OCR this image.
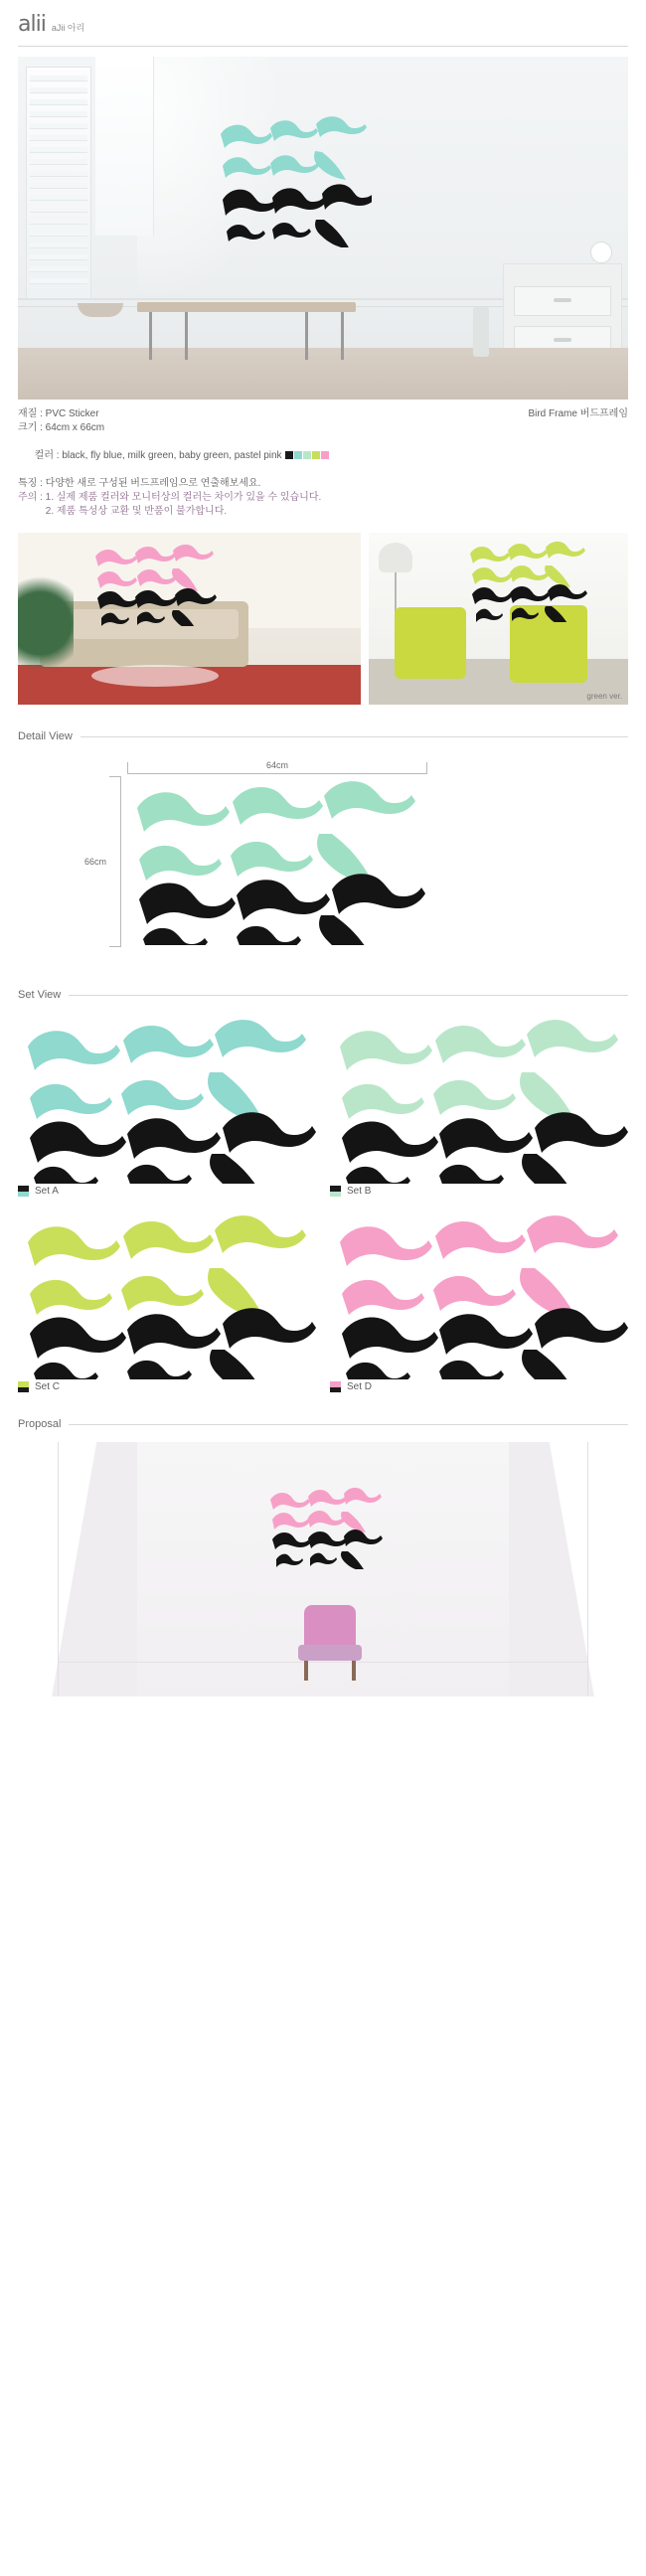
alii aJii 아리
Bird Frame 버드프레임
재질 : PVC Sticker
크기 : 64cm x 66cm

컬러 : black, fly blue, milk green, baby green, pastel pink

특징 : 다양한 새로 구성된 버드프레임으로 연출해보세요.
주의 : 1. 실제 제품 컬러와 모니터상의 컬러는 차이가 있을 수 있습니다.
2. 제품 특성상 교환 및 반품이 불가합니다.
green ver.
Detail View
64cm
66cm
Set View
Set A	Set B
Set C	Set D
Proposal
